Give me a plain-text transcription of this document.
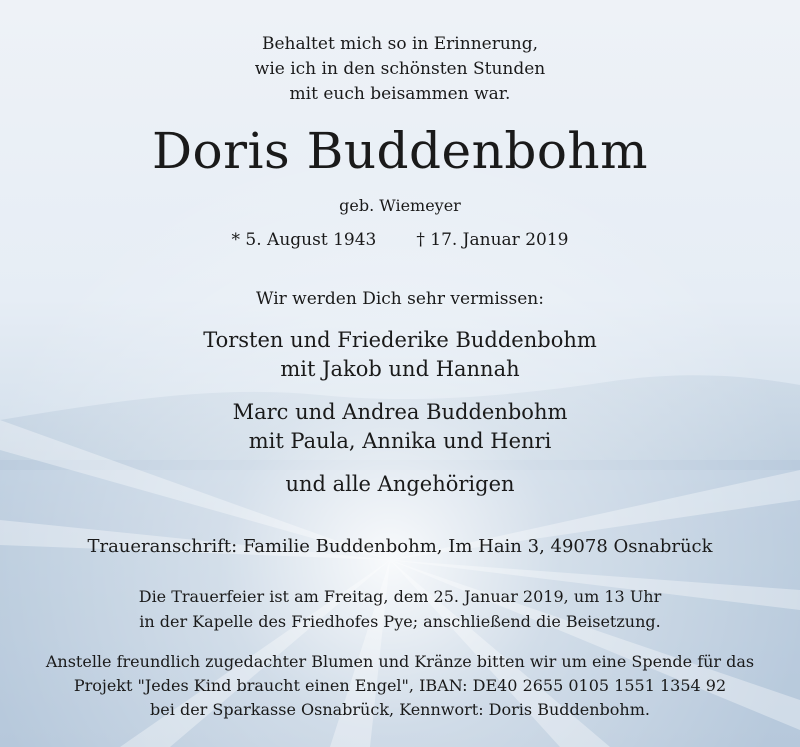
Behaltet mich so in Erinnerung,
wie ich in den schönsten Stunden
mit euch beisammen war.
Doris Buddenbohm
geb. Wiemeyer
* 5. August 1943 † 17. Januar 2019
Wir werden Dich sehr vermissen:
Torsten und Friederike Buddenbohm
mit Jakob und Hannah
Marc und Andrea Buddenbohm
mit Paula, Annika und Henri
und alle Angehörigen
Traueranschrift: Familie Buddenbohm, Im Hain 3, 49078 Osnabrück
Die Trauerfeier ist am Freitag, dem 25. Januar 2019, um 13 Uhr
in der Kapelle des Friedhofes Pye; anschließend die Beisetzung.
Anstelle freundlich zugedachter Blumen und Kränze bitten wir um eine Spende für das
Projekt "Jedes Kind braucht einen Engel", IBAN: DE40 2655 0105 1551 1354 92
bei der Sparkasse Osnabrück, Kennwort: Doris Buddenbohm.
